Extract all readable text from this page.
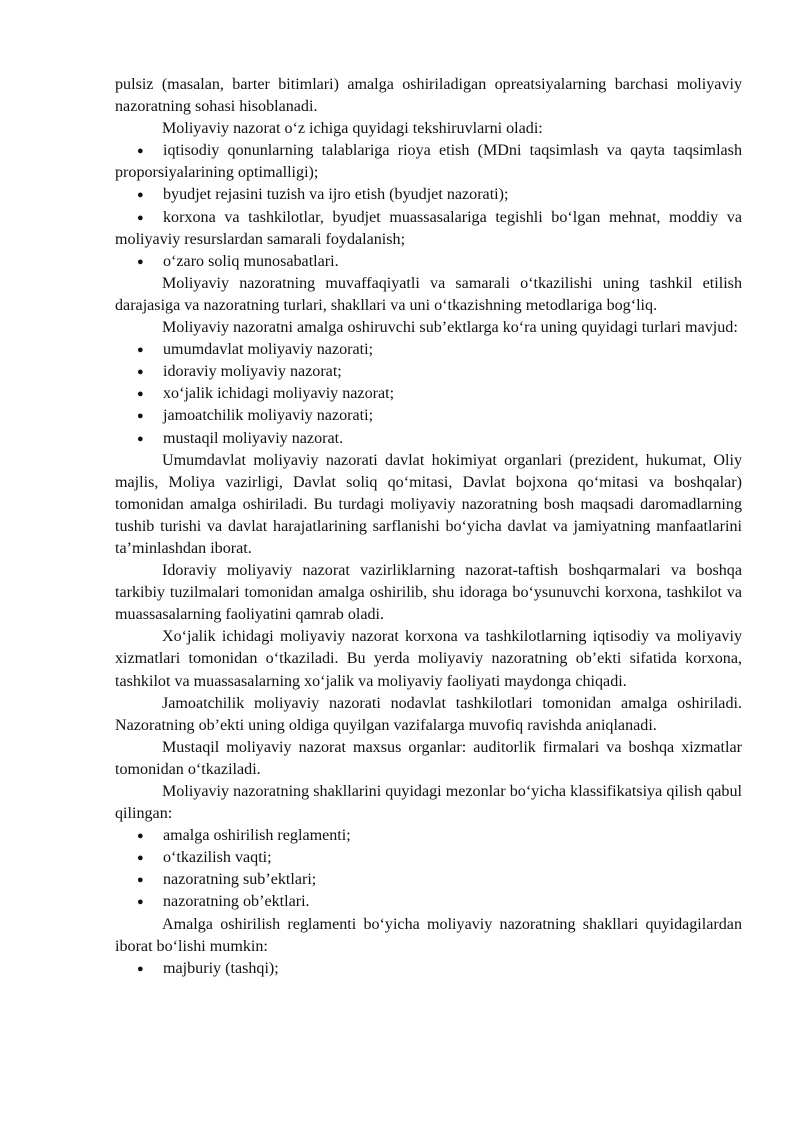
pulsiz (masalan, barter bitimlari) amalga oshiriladigan opreatsiyalarning barchasi moliyaviy nazoratning sohasi hisoblanadi.

Moliyaviy nazorat o‘z ichiga quyidagi tekshiruvlarni oladi:

●	iqtisodiy qonunlarning talablariga rioya etish (MDni taqsimlash va qayta taqsimlash proporsiyalarining optimalligi);
●	byudjet rejasini tuzish va ijro etish (byudjet nazorati);
●	korxona va tashkilotlar, byudjet muassasalariga tegishli bo‘lgan mehnat, moddiy va moliyaviy resurslardan samarali foydalanish;
●	o‘zaro soliq munosabatlari.

Moliyaviy nazoratning muvaffaqiyatli va samarali o‘tkazilishi uning tashkil etilish darajasiga va nazoratning turlari, shakllari va uni o‘tkazishning metodlariga bog‘liq.

Moliyaviy nazoratni amalga oshiruvchi sub’ektlarga ko‘ra uning quyidagi turlari mavjud:

●	umumdavlat moliyaviy nazorati;
●	idoraviy moliyaviy nazorat;
●	xo‘jalik ichidagi moliyaviy nazorat;
●	jamoatchilik moliyaviy nazorati;
●	mustaqil moliyaviy nazorat.

Umumdavlat moliyaviy nazorati davlat hokimiyat organlari (prezident, hukumat, Oliy majlis, Moliya vazirligi, Davlat soliq qo‘mitasi, Davlat bojxona qo‘mitasi va boshqalar) tomonidan amalga oshiriladi. Bu turdagi moliyaviy nazoratning bosh maqsadi daromadlarning tushib turishi va davlat harajatlarining sarflanishi bo‘yicha davlat va jamiyatning manfaatlarini ta’minlashdan iborat.

Idoraviy moliyaviy nazorat vazirliklarning nazorat-taftish boshqarmalari va boshqa tarkibiy tuzilmalari tomonidan amalga oshirilib, shu idoraga bo‘ysunuvchi korxona, tashkilot va muassasalarning faoliyatini qamrab oladi.

Xo‘jalik ichidagi moliyaviy nazorat korxona va tashkilotlarning iqtisodiy va moliyaviy xizmatlari tomonidan o‘tkaziladi. Bu yerda moliyaviy nazoratning ob’ekti sifatida korxona, tashkilot va muassasalarning xo‘jalik va moliyaviy faoliyati maydonga chiqadi.

Jamoatchilik moliyaviy nazorati nodavlat tashkilotlari tomonidan amalga oshiriladi. Nazoratning ob’ekti uning oldiga quyilgan vazifalarga muvofiq ravishda aniqlanadi.

Mustaqil moliyaviy nazorat maxsus organlar: auditorlik firmalari va boshqa xizmatlar tomonidan o‘tkaziladi.

Moliyaviy nazoratning shakllarini quyidagi mezonlar bo‘yicha klassifikatsiya qilish qabul qilingan:

●	amalga oshirilish reglamenti;
●	o‘tkazilish vaqti;
●	nazoratning sub’ektlari;
●	nazoratning ob’ektlari.

Amalga oshirilish reglamenti bo‘yicha moliyaviy nazoratning shakllari quyidagilardan iborat bo‘lishi mumkin:

●	majburiy (tashqi);
